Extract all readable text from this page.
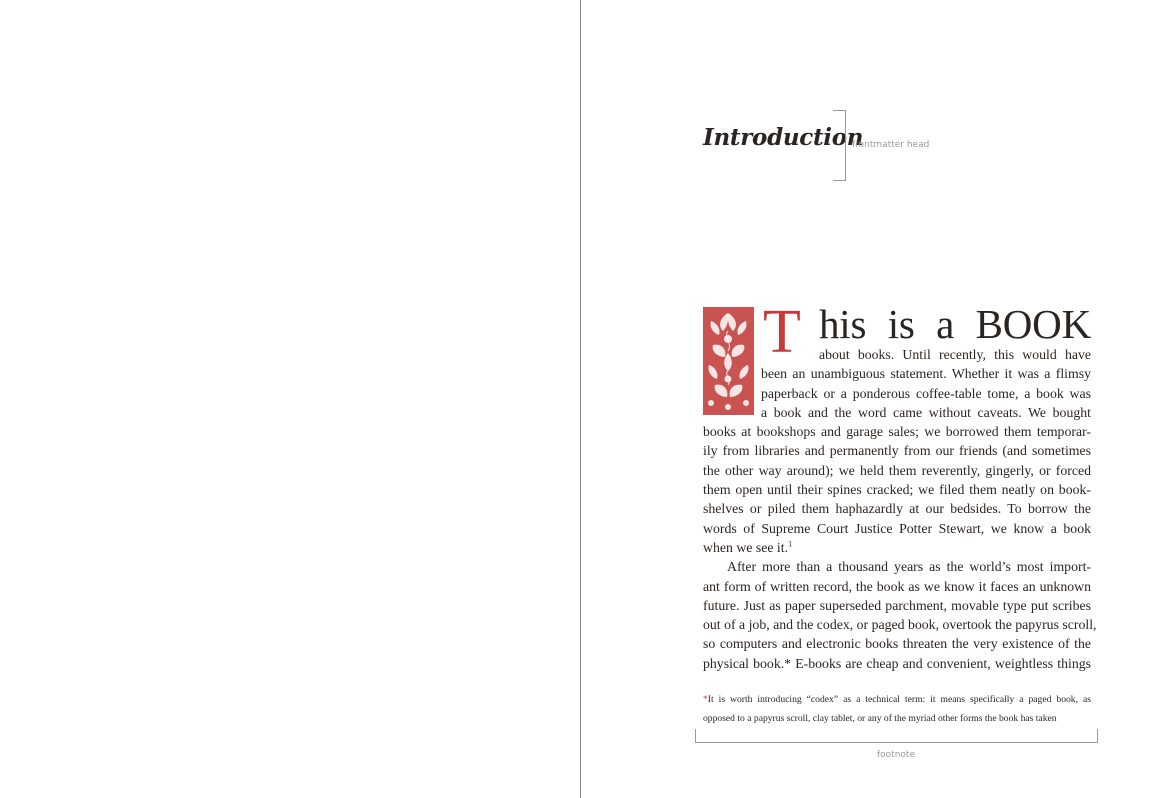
Introduction
frontmatter head
T his is a BOOK
about books. Until recently, this would have
been an unambiguous statement. Whether it was a flimsy
paperback or a ponderous coffee-table tome, a book was
a book and the word came without caveats. We bought
books at bookshops and garage sales; we borrowed them temporar-
ily from libraries and permanently from our friends (and sometimes
the other way around); we held them reverently, gingerly, or forced
them open until their spines cracked; we filed them neatly on book-
shelves or piled them haphazardly at our bedsides. To borrow the
words of Supreme Court Justice Potter Stewart, we know a book
when we see it.$^1$
After more than a thousand years as the world’s most import-
ant form of written record, the book as we know it faces an unknown
future. Just as paper superseded parchment, movable type put scribes
out of a job, and the codex, or paged book, overtook the papyrus scroll,
so computers and electronic books threaten the very existence of the
physical book.* E-books are cheap and convenient, weightless things
*It is worth introducing “codex” as a technical term: it means specifically a paged book, as
opposed to a papyrus scroll, clay tablet, or any of the myriad other forms the book has taken
footnote
